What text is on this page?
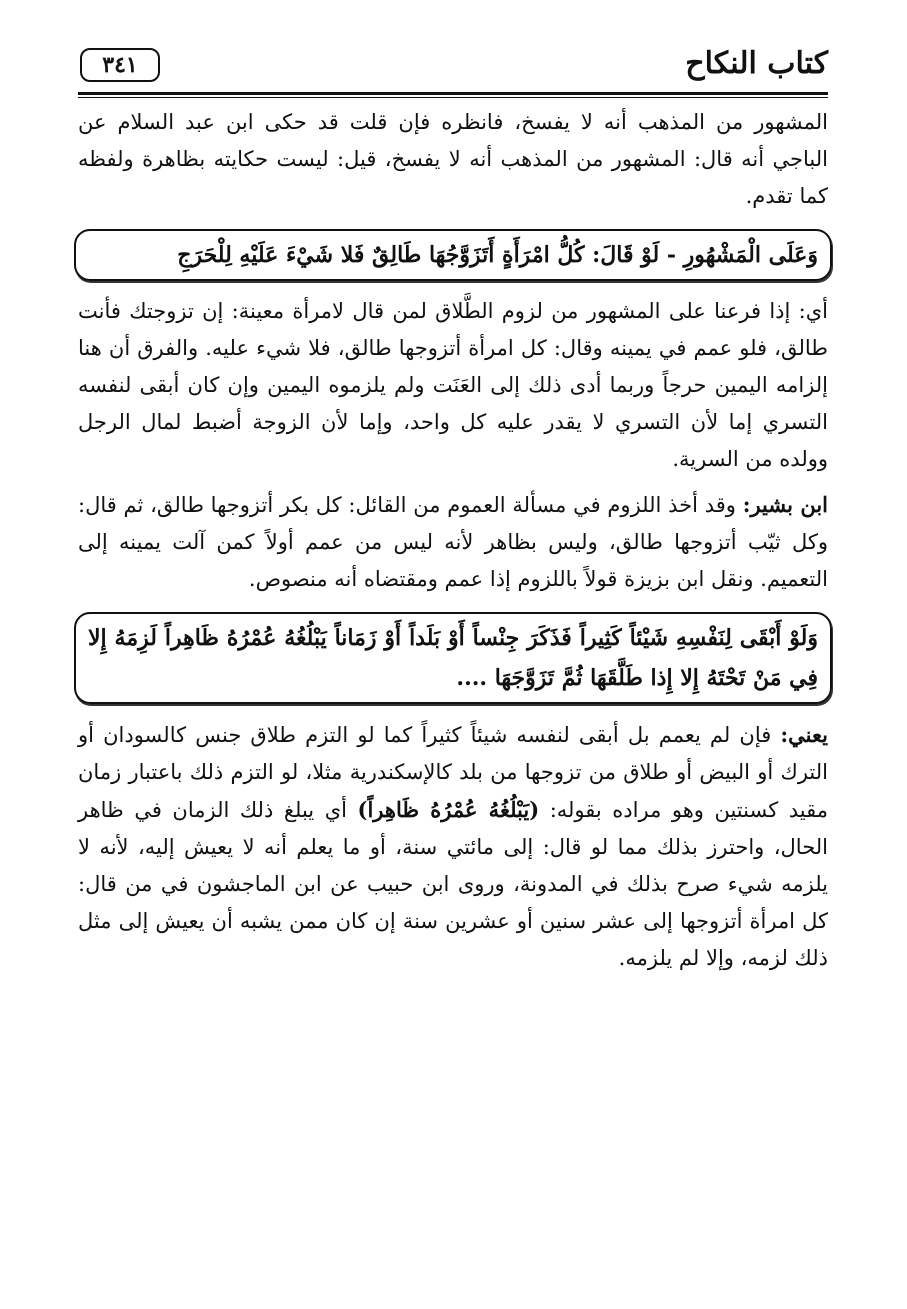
كتاب النكاح
٣٤١

المشهور من المذهب أنه لا يفسخ، فانظره فإن قلت قد حكى ابن عبد السلام عن الباجي أنه قال: المشهور من المذهب أنه لا يفسخ، قيل: ليست حكايته بظاهرة ولفظه كما تقدم.

وَعَلَى الْمَشْهُورِ - لَوْ قَالَ: كُلُّ امْرَأَةٍ أَتَزَوَّجُهَا طَالِقٌ فَلا شَيْءَ عَلَيْهِ لِلْحَرَجِ

أي: إذا فرعنا على المشهور من لزوم الطَّلاق لمن قال لامرأة معينة: إن تزوجتك فأنت طالق، فلو عمم في يمينه وقال: كل امرأة أتزوجها طالق، فلا شيء عليه. والفرق أن هنا إلزامه اليمين حرجاً وربما أدى ذلك إلى العَنَت ولم يلزموه اليمين وإن كان أبقى لنفسه التسري إما لأن التسري لا يقدر عليه كل واحد، وإما لأن الزوجة أضبط لمال الرجل وولده من السرية.

ابن بشير: وقد أخذ اللزوم في مسألة العموم من القائل: كل بكر أتزوجها طالق، ثم قال: وكل ثيّب أتزوجها طالق، وليس بظاهر لأنه ليس من عمم أولاً كمن آلت يمينه إلى التعميم. ونقل ابن بزيزة قولاً باللزوم إذا عمم ومقتضاه أنه منصوص.

وَلَوْ أَبْقَى لِنَفْسِهِ شَيْئاً كَثِيراً فَذَكَرَ جِنْساً أَوْ بَلَداً أَوْ زَمَاناً يَبْلُغُهُ عُمْرُهُ ظَاهِراً لَزِمَهُ إِلا فِي مَنْ تَحْتَهُ إِلا إِذا طَلَّقَهَا ثُمَّ تَزَوَّجَهَا ....

يعني: فإن لم يعمم بل أبقى لنفسه شيئاً كثيراً كما لو التزم طلاق جنس كالسودان أو الترك أو البيض أو طلاق من تزوجها من بلد كالإسكندرية مثلا، لو التزم ذلك باعتبار زمان مقيد كسنتين وهو مراده بقوله: (يَبْلُغُهُ عُمْرُهُ ظَاهِراً) أي يبلغ ذلك الزمان في ظاهر الحال، واحترز بذلك مما لو قال: إلى مائتي سنة، أو ما يعلم أنه لا يعيش إليه، لأنه لا يلزمه شيء صرح بذلك في المدونة، وروى ابن حبيب عن ابن الماجشون في من قال: كل امرأة أتزوجها إلى عشر سنين أو عشرين سنة إن كان ممن يشبه أن يعيش إلى مثل ذلك لزمه، وإلا لم يلزمه.
